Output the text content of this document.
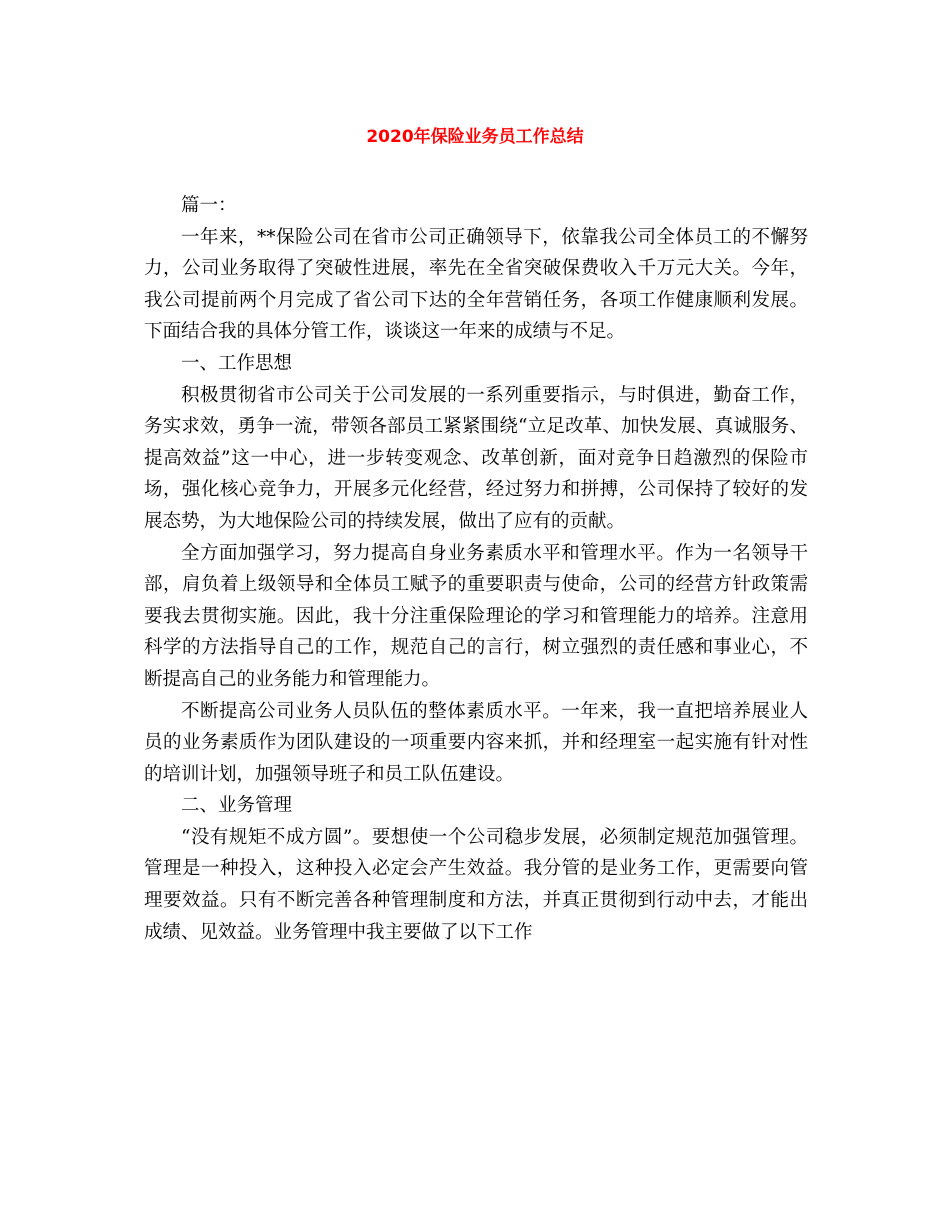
2020年保险业务员工作总结

篇一：

一年来，**保险公司在省市公司正确领导下，依靠我公司全体员工的不懈努力，公司业务取得了突破性进展，率先在全省突破保费收入千万元大关。今年，我公司提前两个月完成了省公司下达的全年营销任务，各项工作健康顺利发展。下面结合我的具体分管工作，谈谈这一年来的成绩与不足。

一、工作思想

积极贯彻省市公司关于公司发展的一系列重要指示，与时俱进，勤奋工作，务实求效，勇争一流，带领各部员工紧紧围绕“立足改革、加快发展、真诚服务、提高效益”这一中心，进一步转变观念、改革创新，面对竞争日趋激烈的保险市场，强化核心竞争力，开展多元化经营，经过努力和拼搏，公司保持了较好的发展态势，为大地保险公司的持续发展，做出了应有的贡献。

全方面加强学习，努力提高自身业务素质水平和管理水平。作为一名领导干部，肩负着上级领导和全体员工赋予的重要职责与使命，公司的经营方针政策需要我去贯彻实施。因此，我十分注重保险理论的学习和管理能力的培养。注意用科学的方法指导自己的工作，规范自己的言行，树立强烈的责任感和事业心，不断提高自己的业务能力和管理能力。

不断提高公司业务人员队伍的整体素质水平。一年来，我一直把培养展业人员的业务素质作为团队建设的一项重要内容来抓，并和经理室一起实施有针对性的培训计划，加强领导班子和员工队伍建设。

二、业务管理

“没有规矩不成方圆”。要想使一个公司稳步发展，必须制定规范加强管理。管理是一种投入，这种投入必定会产生效益。我分管的是业务工作，更需要向管理要效益。只有不断完善各种管理制度和方法，并真正贯彻到行动中去，才能出成绩、见效益。业务管理中我主要做了以下工作
